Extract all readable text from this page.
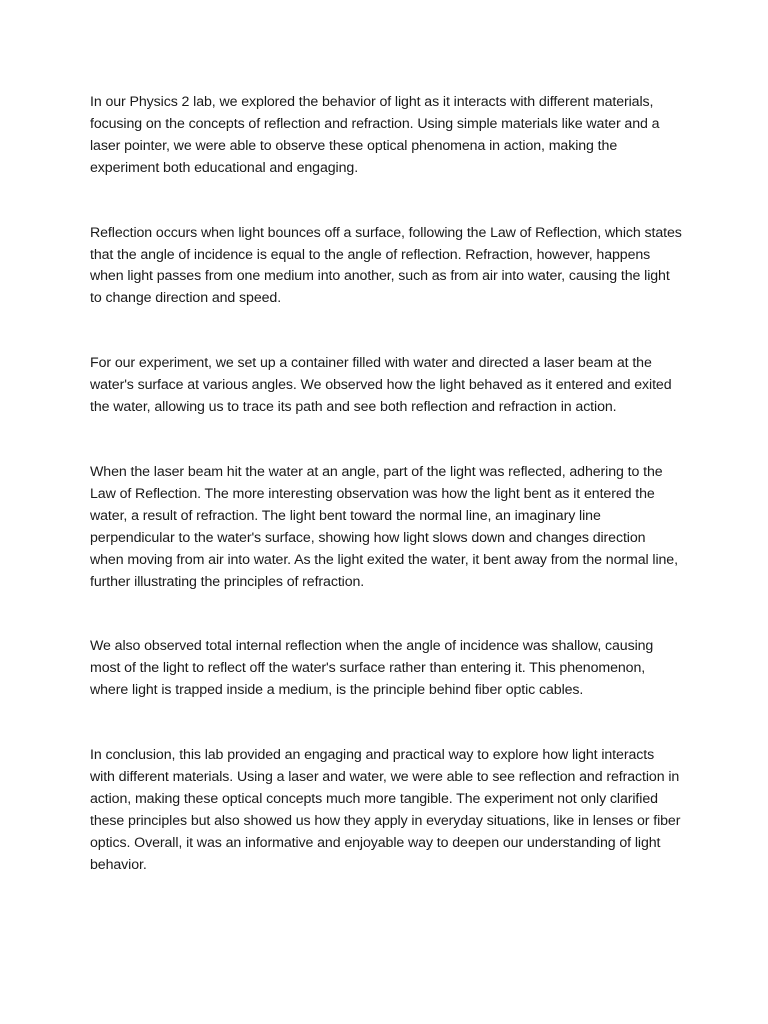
In our Physics 2 lab, we explored the behavior of light as it interacts with different materials, focusing on the concepts of reflection and refraction. Using simple materials like water and a laser pointer, we were able to observe these optical phenomena in action, making the experiment both educational and engaging.

Reflection occurs when light bounces off a surface, following the Law of Reflection, which states that the angle of incidence is equal to the angle of reflection. Refraction, however, happens when light passes from one medium into another, such as from air into water, causing the light to change direction and speed.

For our experiment, we set up a container filled with water and directed a laser beam at the water's surface at various angles. We observed how the light behaved as it entered and exited the water, allowing us to trace its path and see both reflection and refraction in action.

When the laser beam hit the water at an angle, part of the light was reflected, adhering to the Law of Reflection. The more interesting observation was how the light bent as it entered the water, a result of refraction. The light bent toward the normal line, an imaginary line perpendicular to the water's surface, showing how light slows down and changes direction when moving from air into water. As the light exited the water, it bent away from the normal line, further illustrating the principles of refraction.

We also observed total internal reflection when the angle of incidence was shallow, causing most of the light to reflect off the water's surface rather than entering it. This phenomenon, where light is trapped inside a medium, is the principle behind fiber optic cables.

In conclusion, this lab provided an engaging and practical way to explore how light interacts with different materials. Using a laser and water, we were able to see reflection and refraction in action, making these optical concepts much more tangible. The experiment not only clarified these principles but also showed us how they apply in everyday situations, like in lenses or fiber optics. Overall, it was an informative and enjoyable way to deepen our understanding of light behavior.
